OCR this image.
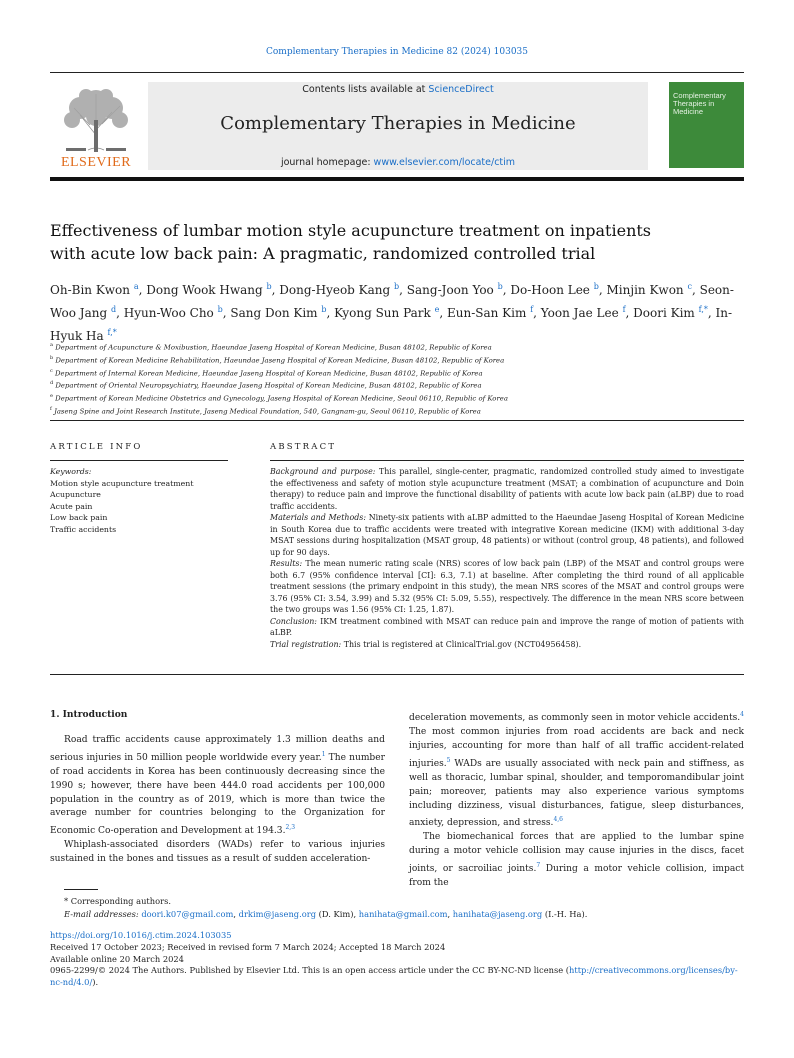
Complementary Therapies in Medicine 82 (2024) 103035
ELSEVIER
Contents lists available at ScienceDirect
Complementary Therapies in Medicine
journal homepage: www.elsevier.com/locate/ctim
Complementary Therapies in Medicine
Effectiveness of lumbar motion style acupuncture treatment on inpatients with acute low back pain: A pragmatic, randomized controlled trial
Oh-Bin Kwon $^a$, Dong Wook Hwang $^b$, Dong-Hyeob Kang $^b$, Sang-Joon Yoo $^b$, Do-Hoon Lee $^b$, Minjin Kwon $^c$, Seon-Woo Jang $^d$, Hyun-Woo Cho $^b$, Sang Don Kim $^b$, Kyong Sun Park $^e$, Eun-San Kim $^f$, Yoon Jae Lee $^f$, Doori Kim $^{f,*}$, In-Hyuk Ha $^{f,*}$
$^a$ Department of Acupuncture & Moxibustion, Haeundae Jaseng Hospital of Korean Medicine, Busan 48102, Republic of Korea
$^b$ Department of Korean Medicine Rehabilitation, Haeundae Jaseng Hospital of Korean Medicine, Busan 48102, Republic of Korea
$^c$ Department of Internal Korean Medicine, Haeundae Jaseng Hospital of Korean Medicine, Busan 48102, Republic of Korea
$^d$ Department of Oriental Neuropsychiatry, Haeundae Jaseng Hospital of Korean Medicine, Busan 48102, Republic of Korea
$^e$ Department of Korean Medicine Obstetrics and Gynecology, Jaseng Hospital of Korean Medicine, Seoul 06110, Republic of Korea
$^f$ Jaseng Spine and Joint Research Institute, Jaseng Medical Foundation, 540, Gangnam-gu, Seoul 06110, Republic of Korea
ARTICLE INFO	ABSTRACT
Keywords:
Motion style acupuncture treatment
Acupuncture
Acute pain
Low back pain
Traffic accidents

Background and purpose: This parallel, single-center, pragmatic, randomized controlled study aimed to investigate the effectiveness and safety of motion style acupuncture treatment (MSAT; a combination of acupuncture and Doin therapy) to reduce pain and improve the functional disability of patients with acute low back pain (aLBP) due to road traffic accidents.

Materials and Methods: Ninety-six patients with aLBP admitted to the Haeundae Jaseng Hospital of Korean Medicine in South Korea due to traffic accidents were treated with integrative Korean medicine (IKM) with additional 3-day MSAT sessions during hospitalization (MSAT group, 48 patients) or without (control group, 48 patients), and followed up for 90 days.

Results: The mean numeric rating scale (NRS) scores of low back pain (LBP) of the MSAT and control groups were both 6.7 (95% confidence interval [CI]: 6.3, 7.1) at baseline. After completing the third round of all applicable treatment sessions (the primary endpoint in this study), the mean NRS scores of the MSAT and control groups were 3.76 (95% CI: 3.54, 3.99) and 5.32 (95% CI: 5.09, 5.55), respectively. The difference in the mean NRS score between the two groups was 1.56 (95% CI: 1.25, 1.87).

Conclusion: IKM treatment combined with MSAT can reduce pain and improve the range of motion of patients with aLBP.

Trial registration: This trial is registered at ClinicalTrial.gov (NCT04956458).

1. Introduction

Road traffic accidents cause approximately 1.3 million deaths and serious injuries in 50 million people worldwide every year.$^1$ The number of road accidents in Korea has been continuously decreasing since the 1990 s; however, there have been 444.0 road accidents per 100,000 population in the country as of 2019, which is more than twice the average number for countries belonging to the Organization for Economic Co-operation and Development at 194.3.$^{2,3}$

Whiplash-associated disorders (WADs) refer to various injuries sustained in the bones and tissues as a result of sudden acceleration-

deceleration movements, as commonly seen in motor vehicle accidents.$^4$ The most common injuries from road accidents are back and neck injuries, accounting for more than half of all traffic accident-related injuries.$^5$ WADs are usually associated with neck pain and stiffness, as well as thoracic, lumbar spinal, shoulder, and temporomandibular joint pain; moreover, patients may also experience various symptoms including dizziness, visual disturbances, fatigue, sleep disturbances, anxiety, depression, and stress.$^{4,6}$

The biomechanical forces that are applied to the lumbar spine during a motor vehicle collision may cause injuries in the discs, facet joints, or sacroiliac joints.$^7$ During a motor vehicle collision, impact from the

* Corresponding authors.
E-mail addresses: doori.k07@gmail.com, drkim@jaseng.org (D. Kim), hanihata@gmail.com, hanihata@jaseng.org (I.-H. Ha).
https://doi.org/10.1016/j.ctim.2024.103035
Received 17 October 2023; Received in revised form 7 March 2024; Accepted 18 March 2024
Available online 20 March 2024
0965-2299/© 2024 The Authors. Published by Elsevier Ltd. This is an open access article under the CC BY-NC-ND license (http://creativecommons.org/licenses/by-nc-nd/4.0/).
